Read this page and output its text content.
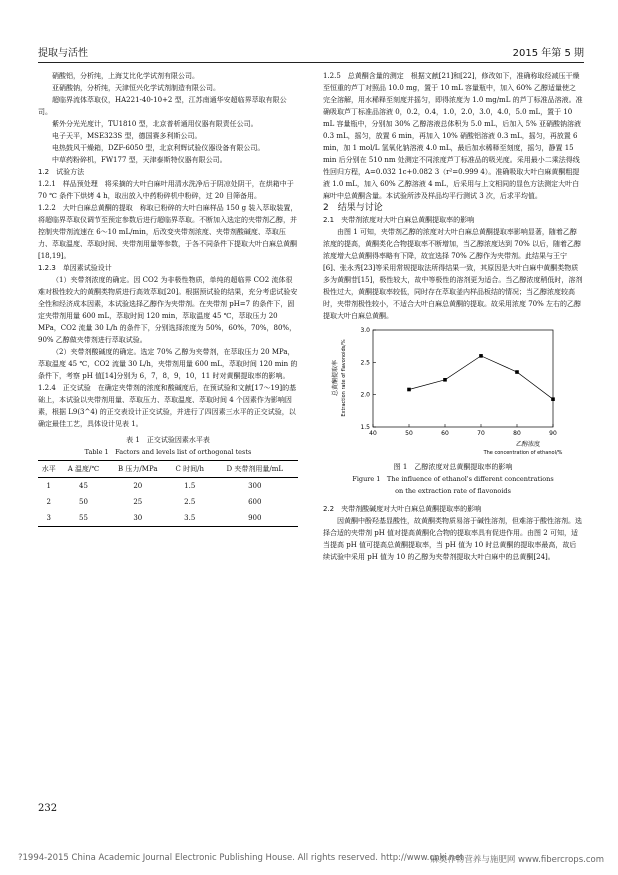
提取与活性	2015 年第 5 期

硝酸铝，分析纯，上海艾比化学试剂有限公司。

亚硝酸钠，分析纯，天津恒兴化学试剂制造有限公司。

超临界流体萃取仪，HA221-40-10+2 型，江苏南通华安超临界萃取有限公司。

紫外分光光度计，TU1810 型，北京普析通用仪器有限责任公司。

电子天平，MSE323S 型，德国赛多利斯公司。

电热鼓风干燥箱，DZF-6050 型，北京利辉试验仪器设备有限公司。

中草药粉碎机，FW177 型，天津泰斯特仪器有限公司。

1.2　试验方法

1.2.1　样品预处理　将采摘的大叶白麻叶用清水洗净后于阴凉处阴干，在烘箱中于 70 ℃ 条件下烘烤 4 h，取出放入中药粉碎机中粉碎，过 20 目筛备用。

1.2.2　大叶白麻总黄酮的提取　称取已粉碎的大叶白麻样品 150 g 装入萃取装置，将超临界萃取仪调节至预定参数后进行超临界萃取。不断加入选定的夹带剂乙醇，并控制夹带剂流速在 6～10 mL/min，后改变夹带剂浓度、夹带剂酸碱度、萃取压力、萃取温度、萃取时间、夹带剂用量等参数，于各不同条件下提取大叶白麻总黄酮[18,19]。

1.2.3　单因素试验设计

（1）夹带剂浓度的确定。因 CO2 为非极性物质，单纯的超临界 CO2 流体很难对极性较大的黄酮类物质进行高效萃取[20]。根据预试验的结果，充分考虑试验安全性和经济成本因素，本试验选择乙醇作为夹带剂。在夹带剂 pH=7 的条件下，固定夹带剂用量 600 mL，萃取时间 120 min，萃取温度 45 ℃，萃取压力 20 MPa，CO2 流量 30 L/h 的条件下，分别选择浓度为 50%，60%，70%，80%，90% 乙醇做夹带剂进行萃取试验。

（2）夹带剂酸碱度的确定。选定 70% 乙醇为夹带剂，在萃取压力 20 MPa，萃取温度 45 ℃，CO2 流量 30 L/h，夹带剂用量 600 mL，萃取时间 120 min 的条件下，考察 pH 值[14]分别为 6，7，8，9，10，11 时对黄酮提取率的影响。

1.2.4　正交试验　在确定夹带剂的浓度和酸碱度后，在预试验和文献[17～19]的基础上，本试验以夹带剂用量、萃取压力、萃取温度、萃取时间 4 个因素作为影响因素，根据 L9(3^4) 的正交表设计正交试验，并进行了四因素三水平的正交试验，以确定最佳工艺，具体设计见表 1。

表 1　正交试验因素水平表
Table 1　Factors and levels list of orthogonal tests
水平	A 温度/℃	B 压力/MPa	C 时间/h	D 夹带剂用量/mL
1	45	20	1.5	300
2	50	25	2.5	600
3	55	30	3.5	900

1.2.5　总黄酮含量的测定　根据文献[21]和[22]，修改如下，准确称取经减压干燥至恒重的芦丁对照品 10.0 mg，置于 10 mL 容量瓶中，加入 60% 乙醇适量使之完全溶解，用水稀释至刻度并摇匀，即得浓度为 1.0 mg/mL 的芦丁标准品溶液。准确吸取芦丁标准品溶液 0，0.2，0.4，1.0，2.0，3.0，4.0，5.0 mL，置于 10 mL 容量瓶中，分别加 30% 乙醇溶液总体积为 5.0 mL，后加入 5% 亚硝酸钠溶液 0.3 mL，摇匀，放置 6 min，再加入 10% 硝酸铝溶液 0.3 mL，摇匀，再放置 6 min，加 1 mol/L 氢氧化钠溶液 4.0 mL，最后加水稀释至刻度，摇匀，静置 15 min 后分别在 510 nm 处测定不同浓度芦丁标准品的吸光度。采用最小二乘法得线性回归方程，A=0.032 1c+0.082 3（r²=0.999 4）。准确吸取大叶白麻黄酮粗提液 1.0 mL，加入 60% 乙醇溶液 4 mL，后采用与上文相同的显色方法测定大叶白麻叶中总黄酮含量。本试验所涉及样品均平行测试 3 次，后求平均值。

2　结果与讨论

2.1　夹带剂浓度对大叶白麻总黄酮提取率的影响

由图 1 可知，夹带剂乙醇的浓度对大叶白麻总黄酮提取率影响显著，随着乙醇浓度的提高，黄酮类化合物提取率不断增加，当乙醇浓度达到 70% 以后，随着乙醇浓度增大总黄酮得率略有下降，故宜选择 70% 乙醇作为夹带剂。此结果与王宁[6]、张永秀[23]等采用常规提取法所得结果一致，其原因是大叶白麻中黄酮类物质多为黄酮苷[15]，极性较大，故中等极性的溶剂更为适合。当乙醇浓度稍低时，溶剂极性过大，黄酮提取率较低，同时存在萃取釜内样品板结的情况；当乙醇浓度较高时，夹带剂极性较小，不适合大叶白麻总黄酮的提取。故采用浓度 70% 左右的乙醇提取大叶白麻总黄酮。

1.5
2.0
2.5
3.0
40	50	60	70	80	90
总黄酮提取率 Extraction rate of flavonoids/%
乙醇浓度
The concentration of ethanol/%
图 1　乙醇浓度对总黄酮提取率的影响
Figure 1　The influence of ethanol's different concentrations
on the extraction rate of flavonoids

2.2　夹带剂酸碱度对大叶白麻总黄酮提取率的影响

因黄酮中酚羟基显酸性，故黄酮类物质易溶于碱性溶剂，但难溶于酸性溶剂。选择合适的夹带剂 pH 值对提高黄酮化合物的提取率具有促进作用。由图 2 可知，适当提高 pH 值可提高总黄酮提取率，当 pH 值为 10 时总黄酮的提取率最高，故后续试验中采用 pH 值为 10 的乙醇为夹带剂提取大叶白麻中的总黄酮[24]。

232
?1994-2015 China Academic Journal Electronic Publishing House. All rights reserved. http://www.cnki.net
麻类作物营养与施肥网 www.fibercrops.com
